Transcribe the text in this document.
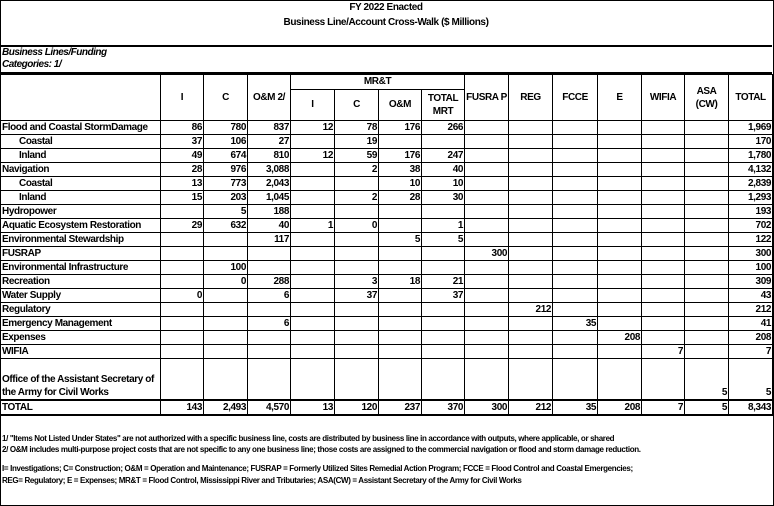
FY 2022 Enacted
Business Line/Account Cross-Walk ($ Millions)
Business Lines/Funding
Categories: 1/
	I	C	O&M 2/	MR&T				FUSRA P	REG	FCCE	E	WIFIA	ASA (CW)	TOTAL
				I	C	O&M	TOTAL MRT							
Flood and Coastal StormDamage	86	780	837	12	78	176	266							1,969
Coastal	37	106	27		19									170
Inland	49	674	810	12	59	176	247							1,780
Navigation	28	976	3,088		2	38	40							4,132
Coastal	13	773	2,043			10	10							2,839
Inland	15	203	1,045		2	28	30							1,293
Hydropower		5	188											193
Aquatic Ecosystem Restoration	29	632	40	1	0		1							702
Environmental Stewardship			117			5	5							122
FUSRAP								300						300
Environmental Infrastructure		100												100
Recreation		0	288		3	18	21							309
Water Supply	0		6		37		37							43
Regulatory									212					212
Emergency Management			6							35				41
Expenses											208			208
WIFIA												7		7
Office of the Assistant Secretary of the Army for Civil Works													5	5
TOTAL	143	2,493	4,570	13	120	237	370	300	212	35	208	7	5	8,343
1/ "Items Not Listed Under States" are not authorized with a specific business line, costs are distributed by business line in accordance with outputs, where applicable, or shared
2/ O&M includes multi-purpose project costs that are not specific to any one business line; those costs are assigned to the commercial navigation or flood and storm damage reduction.
I= Investigations; C= Construction; O&M = Operation and Maintenance; FUSRAP = Formerly Utilized Sites Remedial Action Program; FCCE = Flood Control and Coastal Emergencies;
REG= Regulatory; E = Expenses; MR&T = Flood Control, Mississippi River and Tributaries; ASA(CW) = Assistant Secretary of the Army for Civil Works
